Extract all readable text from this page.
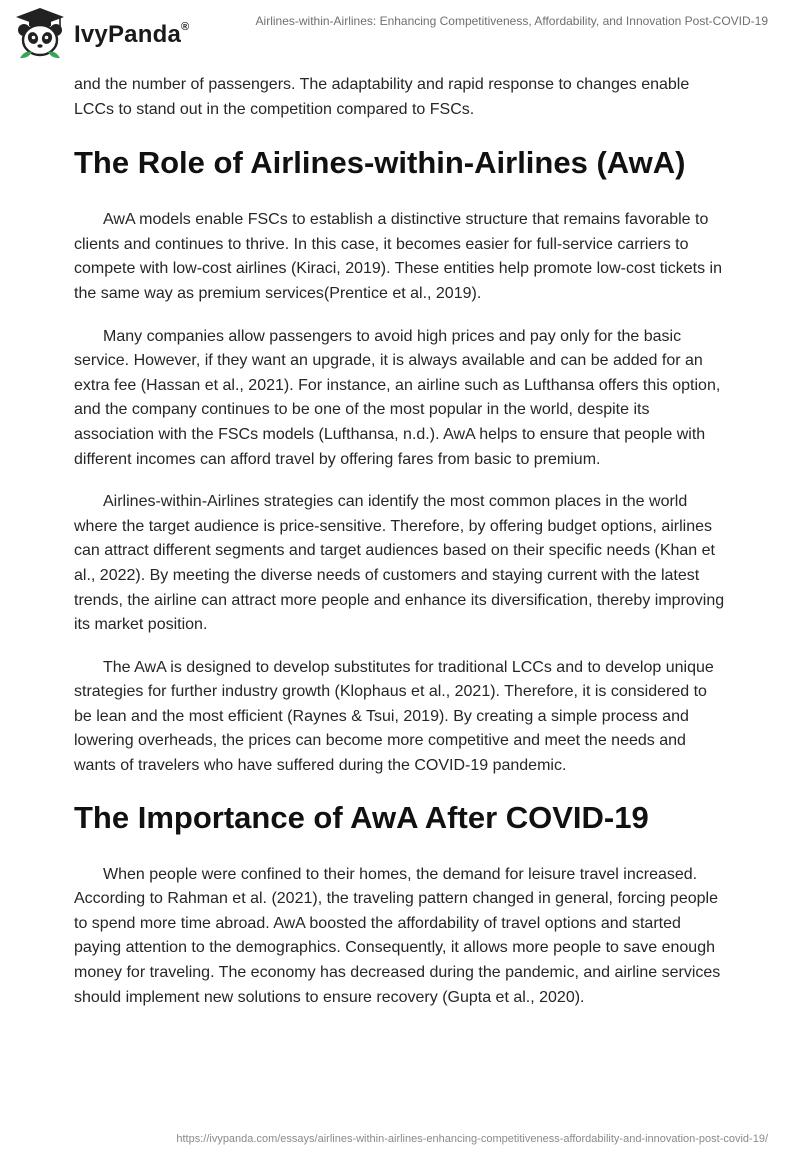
IvyPanda®	Airlines-within-Airlines: Enhancing Competitiveness, Affordability, and Innovation Post-COVID-19

and the number of passengers. The adaptability and rapid response to changes enable LCCs to stand out in the competition compared to FSCs.

The Role of Airlines-within-Airlines (AwA)

AwA models enable FSCs to establish a distinctive structure that remains favorable to clients and continues to thrive. In this case, it becomes easier for full-service carriers to compete with low-cost airlines (Kiraci, 2019). These entities help promote low-cost tickets in the same way as premium services(Prentice et al., 2019).

Many companies allow passengers to avoid high prices and pay only for the basic service. However, if they want an upgrade, it is always available and can be added for an extra fee (Hassan et al., 2021). For instance, an airline such as Lufthansa offers this option, and the company continues to be one of the most popular in the world, despite its association with the FSCs models (Lufthansa, n.d.). AwA helps to ensure that people with different incomes can afford travel by offering fares from basic to premium.

Airlines-within-Airlines strategies can identify the most common places in the world where the target audience is price-sensitive. Therefore, by offering budget options, airlines can attract different segments and target audiences based on their specific needs (Khan et al., 2022). By meeting the diverse needs of customers and staying current with the latest trends, the airline can attract more people and enhance its diversification, thereby improving its market position.

The AwA is designed to develop substitutes for traditional LCCs and to develop unique strategies for further industry growth (Klophaus et al., 2021). Therefore, it is considered to be lean and the most efficient (Raynes & Tsui, 2019). By creating a simple process and lowering overheads, the prices can become more competitive and meet the needs and wants of travelers who have suffered during the COVID-19 pandemic.

The Importance of AwA After COVID-19

When people were confined to their homes, the demand for leisure travel increased. According to Rahman et al. (2021), the traveling pattern changed in general, forcing people to spend more time abroad. AwA boosted the affordability of travel options and started paying attention to the demographics. Consequently, it allows more people to save enough money for traveling. The economy has decreased during the pandemic, and airline services should implement new solutions to ensure recovery (Gupta et al., 2020).

https://ivypanda.com/essays/airlines-within-airlines-enhancing-competitiveness-affordability-and-innovation-post-covid-19/
